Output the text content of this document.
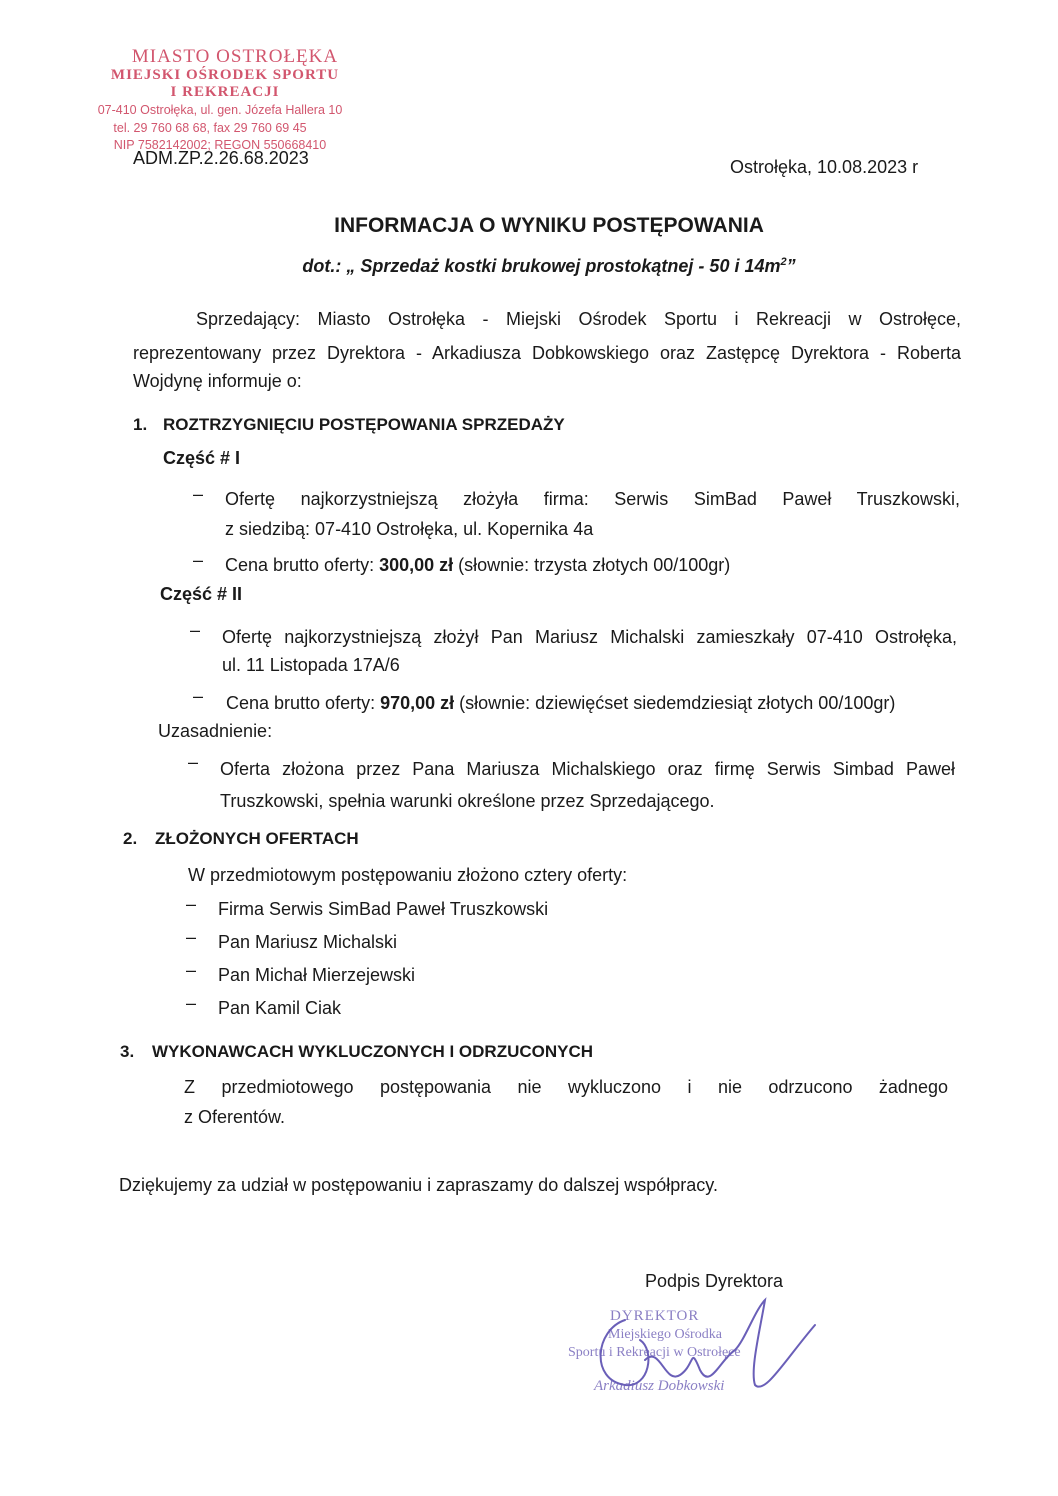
MIASTO OSTROŁĘKA
MIEJSKI OŚRODEK SPORTU
I REKREACJI
07-410 Ostrołęka, ul. gen. Józefa Hallera 10
tel. 29 760 68 68, fax 29 760 69 45
NIP 7582142002; REGON 550668410
ADM.ZP.2.26.68.2023	Ostrołęka, 10.08.2023 r
INFORMACJA O WYNIKU POSTĘPOWANIA
dot.: „ Sprzedaż kostki brukowej prostokątnej - 50 i $14m^2$”
Sprzedający: Miasto Ostrołęka - Miejski Ośrodek Sportu i Rekreacji w Ostrołęce,
reprezentowany przez Dyrektora - Arkadiusza Dobkowskiego oraz Zastępcę Dyrektora - Roberta
Wojdynę informuje o:
1. ROZTRZYGNIĘCIU POSTĘPOWANIA SPRZEDAŻY
Część # I
– Ofertę najkorzystniejszą złożyła firma: Serwis SimBad Paweł Truszkowski,
z siedzibą: 07-410 Ostrołęka, ul. Kopernika 4a
– Cena brutto oferty: 300,00 zł (słownie: trzysta złotych 00/100gr)
Część # II
– Ofertę najkorzystniejszą złożył Pan Mariusz Michalski zamieszkały 07-410 Ostrołęka,
ul. 11 Listopada 17A/6
– Cena brutto oferty: 970,00 zł (słownie: dziewięćset siedemdziesiąt złotych 00/100gr)
Uzasadnienie:
– Oferta złożona przez Pana Mariusza Michalskiego oraz firmę Serwis Simbad Paweł
Truszkowski, spełnia warunki określone przez Sprzedającego.
2. ZŁOŻONYCH OFERTACH
W przedmiotowym postępowaniu złożono cztery oferty:
– Firma Serwis SimBad Paweł Truszkowski
– Pan Mariusz Michalski
– Pan Michał Mierzejewski
– Pan Kamil Ciak
3. WYKONAWCACH WYKLUCZONYCH I ODRZUCONYCH
Z przedmiotowego postępowania nie wykluczono i nie odrzucono żadnego
z Oferentów.
Dziękujemy za udział w postępowaniu i zapraszamy do dalszej współpracy.
Podpis Dyrektora
DYREKTOR
Miejskiego Ośrodka
Sportu i Rekreacji w Ostrołęce
Arkadiusz Dobkowski
